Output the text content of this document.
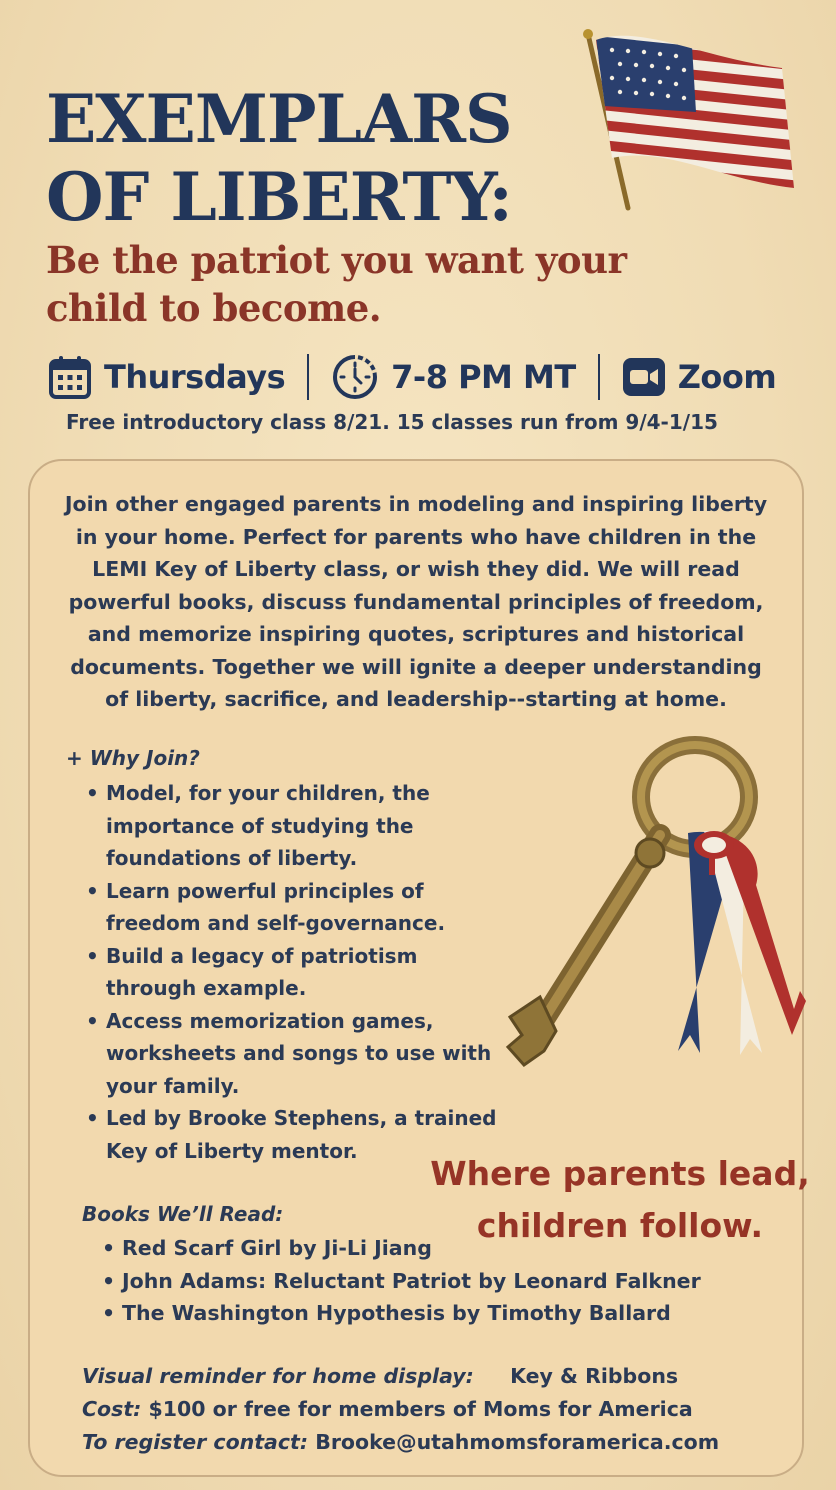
EXEMPLARS
OF LIBERTY:
Be the patriot you want your
child to become.
Thursdays	7-8 PM MT	Zoom
Free introductory class 8/21. 15 classes run from 9/4-1/15

Join other engaged parents in modeling and inspiring liberty
in your home. Perfect for parents who have children in the
LEMI Key of Liberty class, or wish they did. We will read
powerful books, discuss fundamental principles of freedom,
and memorize inspiring quotes, scriptures and historical
documents. Together we will ignite a deeper understanding
of liberty, sacrifice, and leadership--starting at home.

+ Why Join?
• Model, for your children, the
importance of studying the
foundations of liberty.
• Learn powerful principles of
freedom and self-governance.
• Build a legacy of patriotism
through example.
• Access memorization games,
worksheets and songs to use with
your family.
• Led by Brooke Stephens, a trained
Key of Liberty mentor.

Where parents lead,
children follow.

Books We’ll Read:
• Red Scarf Girl by Ji-Li Jiang
• John Adams: Reluctant Patriot by Leonard Falkner
• The Washington Hypothesis by Timothy Ballard
Visual reminder for home display: Key & Ribbons
Cost: $100 or free for members of Moms for America
To register contact: Brooke@utahmomsforamerica.com
